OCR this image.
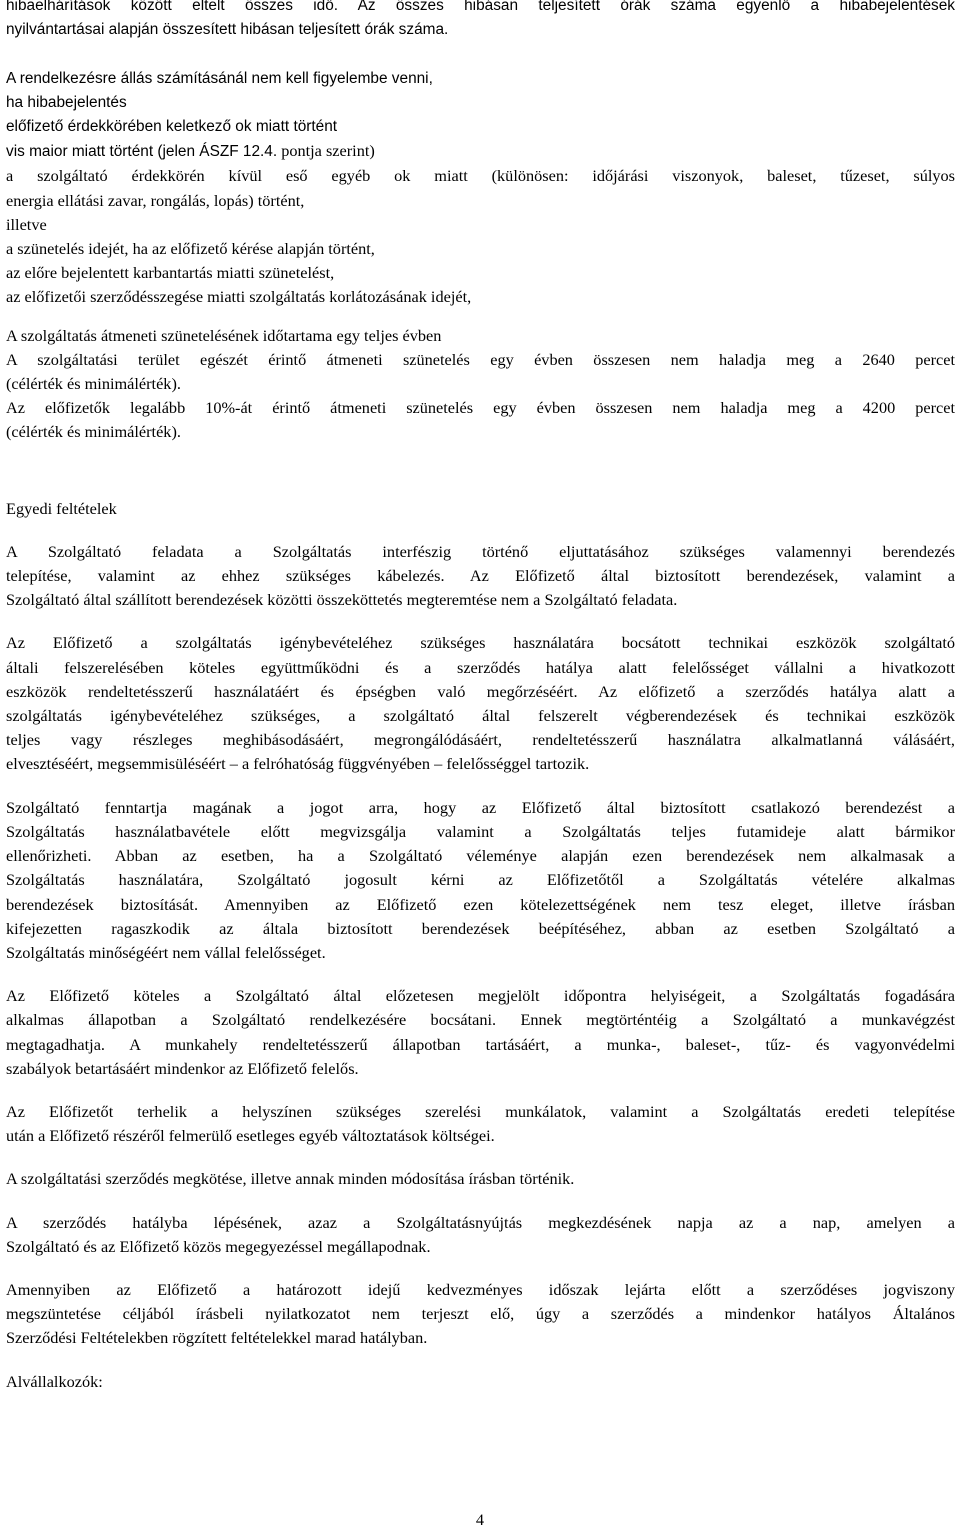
hibaelhárítások között eltelt összes idő. Az összes hibásan teljesített órák száma egyenlő a hibabejelentések
nyilvántartásai alapján összesített hibásan teljesített órák száma.

A rendelkezésre állás számításánál nem kell figyelembe venni,
ha hibabejelentés
előfizető érdekkörében keletkező ok miatt történt
vis maior miatt történt (jelen ÁSZF 12.4. pontja szerint)
a szolgáltató érdekkörén kívül eső egyéb ok miatt (különösen: időjárási viszonyok, baleset, tűzeset, súlyos
energia ellátási zavar, rongálás, lopás) történt,
illetve
a szünetelés idejét, ha az előfizető kérése alapján történt,
az előre bejelentett karbantartás miatti szünetelést,
az előfizetői szerződésszegése miatti szolgáltatás korlátozásának idejét,
A szolgáltatás átmeneti szünetelésének időtartama egy teljes évben
A szolgáltatási terület egészét érintő átmeneti szünetelés egy évben összesen nem haladja meg a 2640 percet
(célérték és minimálérték).
Az előfizetők legalább 10%-át érintő átmeneti szünetelés egy évben összesen nem haladja meg a 4200 percet
(célérték és minimálérték).
Egyedi feltételek
A Szolgáltató feladata a Szolgáltatás interfészig történő eljuttatásához szükséges valamennyi berendezés
telepítése, valamint az ehhez szükséges kábelezés. Az Előfizető által biztosított berendezések, valamint a
Szolgáltató által szállított berendezések közötti összeköttetés megteremtése nem a Szolgáltató feladata.
Az Előfizető a szolgáltatás igénybevételéhez szükséges használatára bocsátott technikai eszközök szolgáltató
általi felszerelésében köteles együttműködni és a szerződés hatálya alatt felelősséget vállalni a hivatkozott
eszközök rendeltetésszerű használatáért és épségben való megőrzéséért. Az előfizető a szerződés hatálya alatt a
szolgáltatás igénybevételéhez szükséges, a szolgáltató által felszerelt végberendezések és technikai eszközök
teljes vagy részleges meghibásodásáért, megrongálódásáért, rendeltetésszerű használatra alkalmatlanná válásáért,
elvesztéséért, megsemmisüléséért – a felróhatóság függvényében – felelősséggel tartozik.
Szolgáltató fenntartja magának a jogot arra, hogy az Előfizető által biztosított csatlakozó berendezést a
Szolgáltatás használatbavétele előtt megvizsgálja valamint a Szolgáltatás teljes futamideje alatt bármikor
ellenőrizheti. Abban az esetben, ha a Szolgáltató véleménye alapján ezen berendezések nem alkalmasak a
Szolgáltatás használatára, Szolgáltató jogosult kérni az Előfizetőtől a Szolgáltatás vételére alkalmas
berendezések biztosítását. Amennyiben az Előfizető ezen kötelezettségének nem tesz eleget, illetve írásban
kifejezetten ragaszkodik az általa biztosított berendezések beépítéséhez, abban az esetben Szolgáltató a
Szolgáltatás minőségéért nem vállal felelősséget.
Az Előfizető köteles a Szolgáltató által előzetesen megjelölt időpontra helyiségeit, a Szolgáltatás fogadására
alkalmas állapotban a Szolgáltató rendelkezésére bocsátani. Ennek megtörténtéig a Szolgáltató a munkavégzést
megtagadhatja. A munkahely rendeltetésszerű állapotban tartásáért, a munka-, baleset-, tűz- és vagyonvédelmi
szabályok betartásáért mindenkor az Előfizető felelős.
Az Előfizetőt terhelik a helyszínen szükséges szerelési munkálatok, valamint a Szolgáltatás eredeti telepítése
után a Előfizető részéről felmerülő esetleges egyéb változtatások költségei.
A szolgáltatási szerződés megkötése, illetve annak minden módosítása írásban történik.
A szerződés hatályba lépésének, azaz a Szolgáltatásnyújtás megkezdésének napja az a nap, amelyen a
Szolgáltató és az Előfizető közös megegyezéssel megállapodnak.
Amennyiben az Előfizető a határozott idejű kedvezményes időszak lejárta előtt a szerződéses jogviszony
megszüntetése céljából írásbeli nyilatkozatot nem terjeszt elő, úgy a szerződés a mindenkor hatályos Általános
Szerződési Feltételekben rögzített feltételekkel marad hatályban.
Alvállalkozók:
4
